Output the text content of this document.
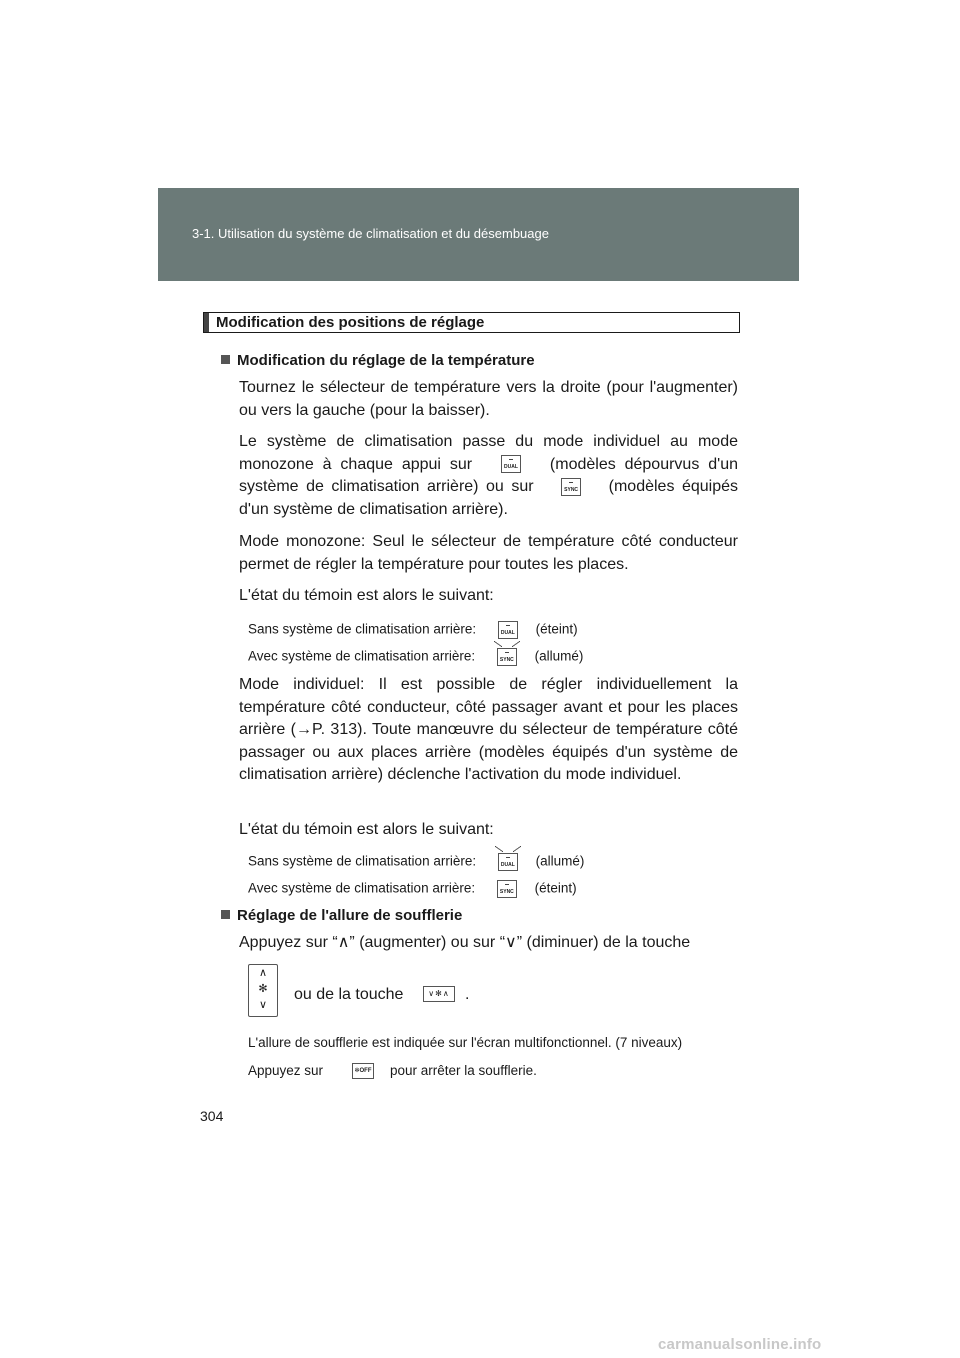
3-1. Utilisation du système de climatisation et du désembuage
Modification des positions de réglage
Modification du réglage de la température

Tournez le sélecteur de température vers la droite (pour l'augmenter) ou vers la gauche (pour la baisser).

Le système de climatisation passe du mode individuel au mode monozone à chaque appui sur	DUAL (modèles dépourvus d'un système de climatisation arrière) ou sur	SYNC (modèles équipés d'un système de climatisation arrière).

Mode monozone: Seul le sélecteur de température côté conducteur permet de régler la température pour toutes les places.

L'état du témoin est alors le suivant:

Sans système de climatisation arrière:	DUAL (éteint)
Avec système de climatisation arrière:	SYNC (allumé)

Mode individuel: Il est possible de régler individuellement la température côté conducteur, côté passager avant et pour les places arrière (→P. 313). Toute manœuvre du sélecteur de température côté passager ou aux places arrière (modèles équipés d'un système de climatisation arrière) déclenche l'activation du mode individuel.

L'état du témoin est alors le suivant:

Sans système de climatisation arrière:	DUAL (allumé)
Avec système de climatisation arrière:	SYNC (éteint)
Réglage de l'allure de soufflerie

Appuyez sur “∧” (augmenter) ou sur “∨” (diminuer) de la touche

∧
✻
∨
ou de la touche	∨✻∧ .
L'allure de soufflerie est indiquée sur l'écran multifonctionnel. (7 niveaux)
Appuyez sur	✻OFF pour arrêter la soufflerie.
304
carmanualsonline.info
